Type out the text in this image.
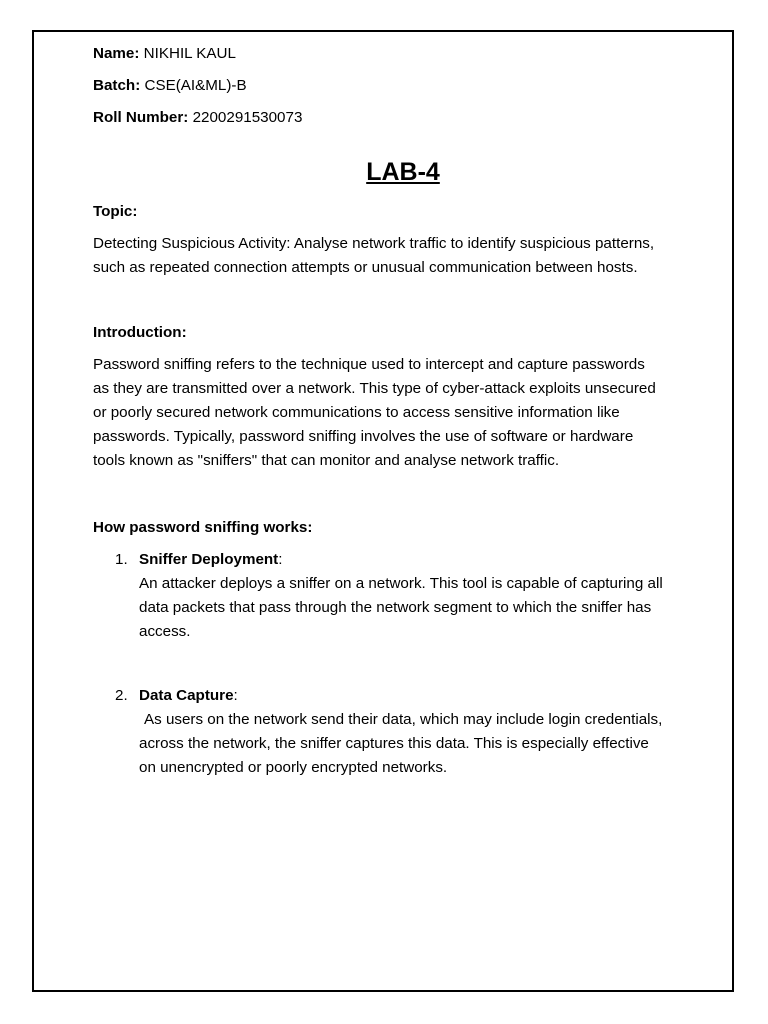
Name: NIKHIL KAUL
Batch: CSE(AI&ML)-B
Roll Number: 2200291530073
LAB-4

Topic:

Detecting Suspicious Activity: Analyse network traffic to identify suspicious patterns, such as repeated connection attempts or unusual communication between hosts.

Introduction:

Password sniffing refers to the technique used to intercept and capture passwords as they are transmitted over a network. This type of cyber-attack exploits unsecured or poorly secured network communications to access sensitive information like passwords. Typically, password sniffing involves the use of software or hardware tools known as "sniffers" that can monitor and analyse network traffic.

How password sniffing works:

1. Sniffer Deployment:
An attacker deploys a sniffer on a network. This tool is capable of capturing all data packets that pass through the network segment to which the sniffer has access.
2. Data Capture:
As users on the network send their data, which may include login credentials, across the network, the sniffer captures this data. This is especially effective on unencrypted or poorly encrypted networks.
